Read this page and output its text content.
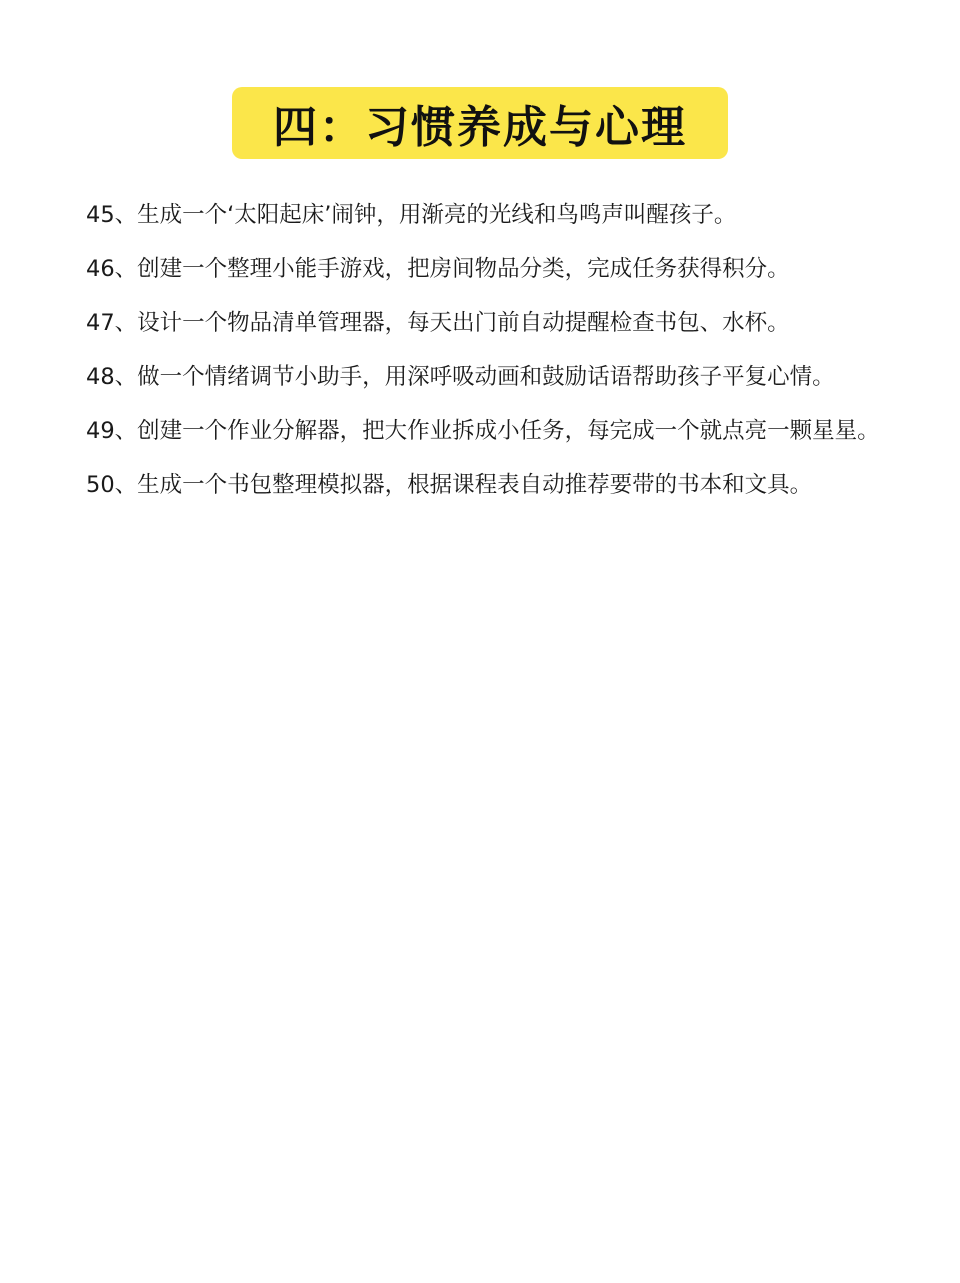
四：习惯养成与心理
45、生成一个‘太阳起床’闹钟，用渐亮的光线和鸟鸣声叫醒孩子。
46、创建一个整理小能手游戏，把房间物品分类，完成任务获得积分。
47、设计一个物品清单管理器，每天出门前自动提醒检查书包、水杯。
48、做一个情绪调节小助手，用深呼吸动画和鼓励话语帮助孩子平复心情。
49、创建一个作业分解器，把大作业拆成小任务，每完成一个就点亮一颗星星。
50、生成一个书包整理模拟器，根据课程表自动推荐要带的书本和文具。
